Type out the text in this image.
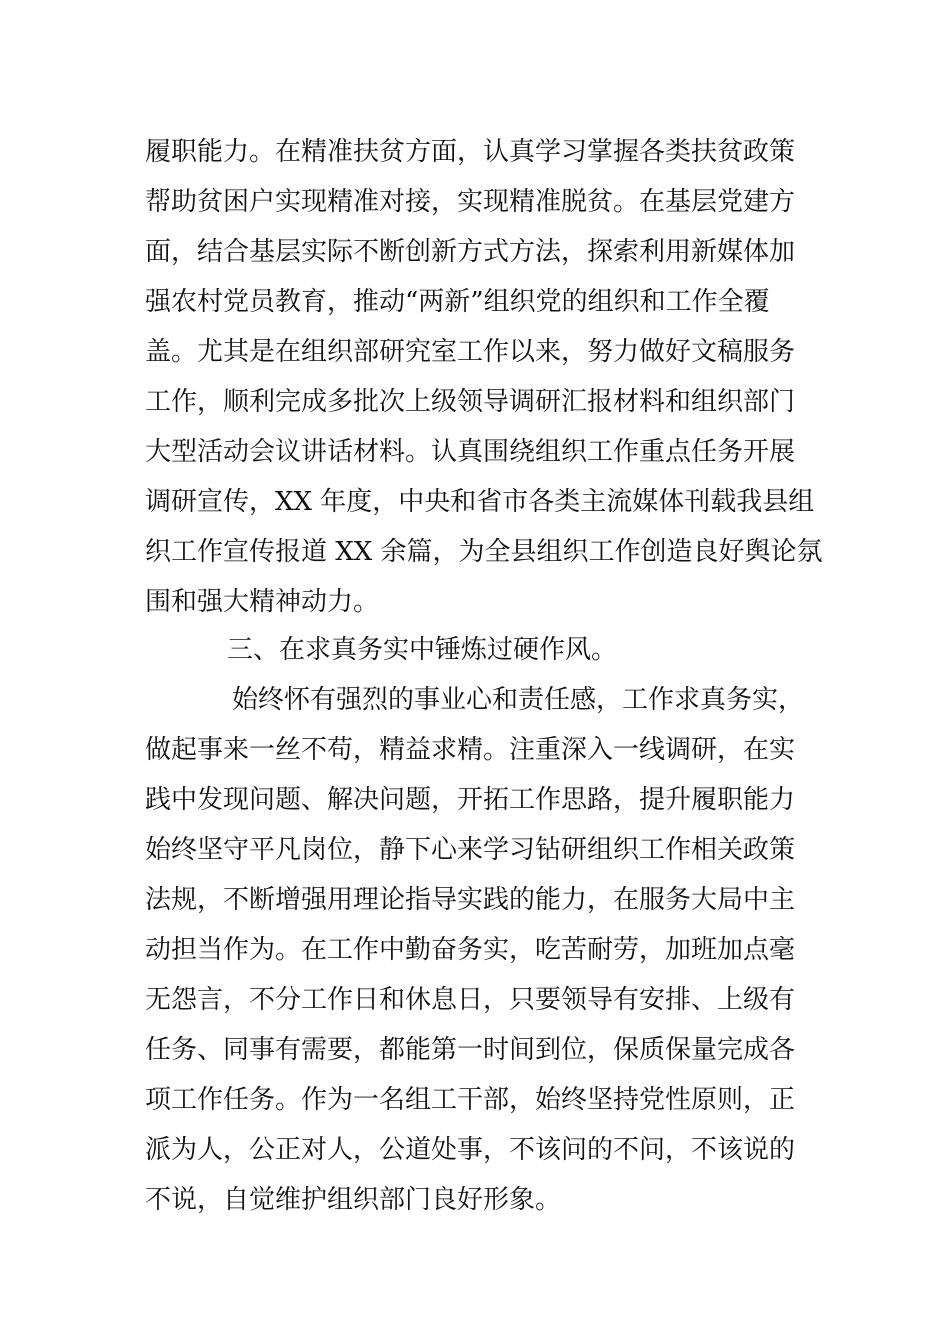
履职能力。在精准扶贫方面，认真学习掌握各类扶贫政策
帮助贫困户实现精准对接，实现精准脱贫。在基层党建方
面，结合基层实际不断创新方式方法，探索利用新媒体加
强农村党员教育，推动“两新”组织党的组织和工作全覆
盖。尤其是在组织部研究室工作以来，努力做好文稿服务
工作，顺利完成多批次上级领导调研汇报材料和组织部门
大型活动会议讲话材料。认真围绕组织工作重点任务开展
调研宣传，XX 年度，中央和省市各类主流媒体刊载我县组
织工作宣传报道 XX 余篇，为全县组织工作创造良好舆论氛
围和强大精神动力。
三、在求真务实中锤炼过硬作风。
始终怀有强烈的事业心和责任感，工作求真务实，
做起事来一丝不苟，精益求精。注重深入一线调研，在实
践中发现问题、解决问题，开拓工作思路，提升履职能力
始终坚守平凡岗位，静下心来学习钻研组织工作相关政策
法规，不断增强用理论指导实践的能力，在服务大局中主
动担当作为。在工作中勤奋务实，吃苦耐劳，加班加点毫
无怨言，不分工作日和休息日，只要领导有安排、上级有
任务、同事有需要，都能第一时间到位，保质保量完成各
项工作任务。作为一名组工干部，始终坚持党性原则，正
派为人，公正对人，公道处事，不该问的不问，不该说的
不说，自觉维护组织部门良好形象。
